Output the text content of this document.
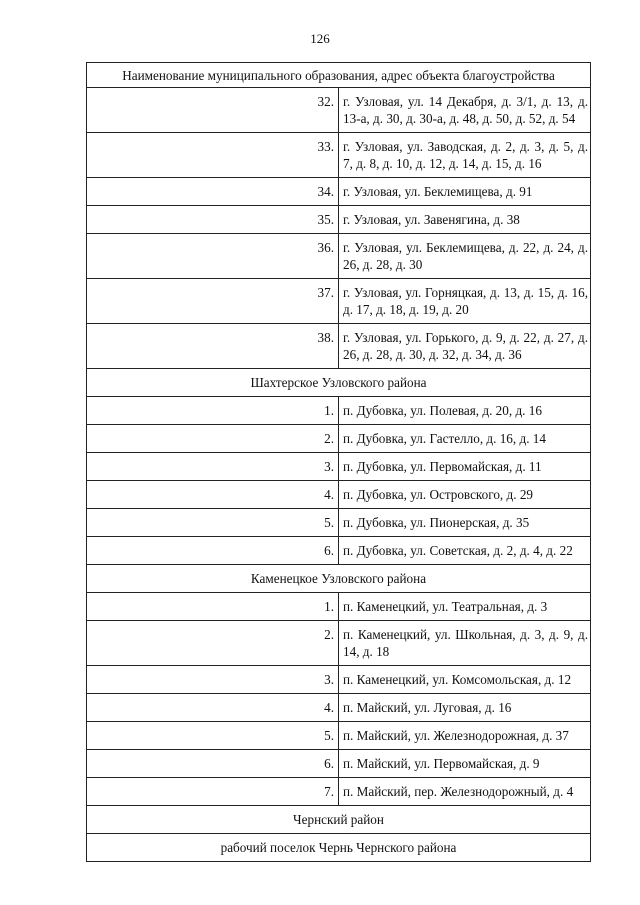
126
Наименование муниципального образования, адрес объекта благоустройства	
32.	г. Узловая, ул. 14 Декабря, д. 3/1, д. 13, д. 13-а, д. 30, д. 30-а, д. 48, д. 50, д. 52, д. 54
33.	г. Узловая, ул. Заводская, д. 2, д. 3, д. 5, д. 7, д. 8, д. 10, д. 12, д. 14, д. 15, д. 16
34.	г. Узловая, ул. Беклемищева, д. 91
35.	г. Узловая, ул. Завенягина, д. 38
36.	г. Узловая, ул. Беклемищева, д. 22, д. 24, д. 26, д. 28, д. 30
37.	г. Узловая, ул. Горняцкая, д. 13, д. 15, д. 16, д. 17, д. 18, д. 19, д. 20
38.	г. Узловая, ул. Горького, д. 9, д. 22, д. 27, д. 26, д. 28, д. 30, д. 32, д. 34, д. 36
Шахтерское Узловского района	
1.	п. Дубовка, ул. Полевая, д. 20, д. 16
2.	п. Дубовка, ул. Гастелло, д. 16, д. 14
3.	п. Дубовка, ул. Первомайская, д. 11
4.	п. Дубовка, ул. Островского, д. 29
5.	п. Дубовка, ул. Пионерская, д. 35
6.	п. Дубовка, ул. Советская, д. 2, д. 4, д. 22
Каменецкое Узловского района	
1.	п. Каменецкий, ул. Театральная, д. 3
2.	п. Каменецкий, ул. Школьная, д. 3, д. 9, д. 14, д. 18
3.	п. Каменецкий, ул. Комсомольская, д. 12
4.	п. Майский, ул. Луговая, д. 16
5.	п. Майский, ул. Железнодорожная, д. 37
6.	п. Майский, ул. Первомайская, д. 9
7.	п. Майский, пер. Железнодорожный, д. 4
Чернский район	
рабочий поселок Чернь Чернского района	
